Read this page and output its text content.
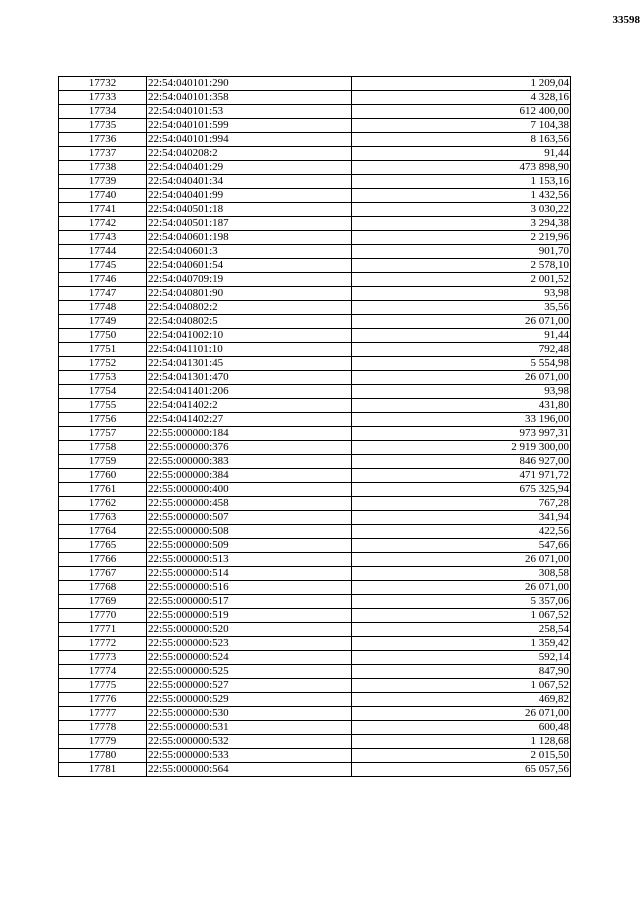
33598
17732	22:54:040101:290	1 209,04
17733	22:54:040101:358	4 328,16
17734	22:54:040101:53	612 400,00
17735	22:54:040101:599	7 104,38
17736	22:54:040101:994	8 163,56
17737	22:54:040208:2	91,44
17738	22:54:040401:29	473 898,90
17739	22:54:040401:34	1 153,16
17740	22:54:040401:99	1 432,56
17741	22:54:040501:18	3 030,22
17742	22:54:040501:187	3 294,38
17743	22:54:040601:198	2 219,96
17744	22:54:040601:3	901,70
17745	22:54:040601:54	2 578,10
17746	22:54:040709:19	2 001,52
17747	22:54:040801:90	93,98
17748	22:54:040802:2	35,56
17749	22:54:040802:5	26 071,00
17750	22:54:041002:10	91,44
17751	22:54:041101:10	792,48
17752	22:54:041301:45	5 554,98
17753	22:54:041301:470	26 071,00
17754	22:54:041401:206	93,98
17755	22:54:041402:2	431,80
17756	22:54:041402:27	33 196,00
17757	22:55:000000:184	973 997,31
17758	22:55:000000:376	2 919 300,00
17759	22:55:000000:383	846 927,00
17760	22:55:000000:384	471 971,72
17761	22:55:000000:400	675 325,94
17762	22:55:000000:458	767,28
17763	22:55:000000:507	341,94
17764	22:55:000000:508	422,56
17765	22:55:000000:509	547,66
17766	22:55:000000:513	26 071,00
17767	22:55:000000:514	308,58
17768	22:55:000000:516	26 071,00
17769	22:55:000000:517	5 357,06
17770	22:55:000000:519	1 067,52
17771	22:55:000000:520	258,54
17772	22:55:000000:523	1 359,42
17773	22:55:000000:524	592,14
17774	22:55:000000:525	847,90
17775	22:55:000000:527	1 067,52
17776	22:55:000000:529	469,82
17777	22:55:000000:530	26 071,00
17778	22:55:000000:531	600,48
17779	22:55:000000:532	1 128,68
17780	22:55:000000:533	2 015,50
17781	22:55:000000:564	65 057,56
